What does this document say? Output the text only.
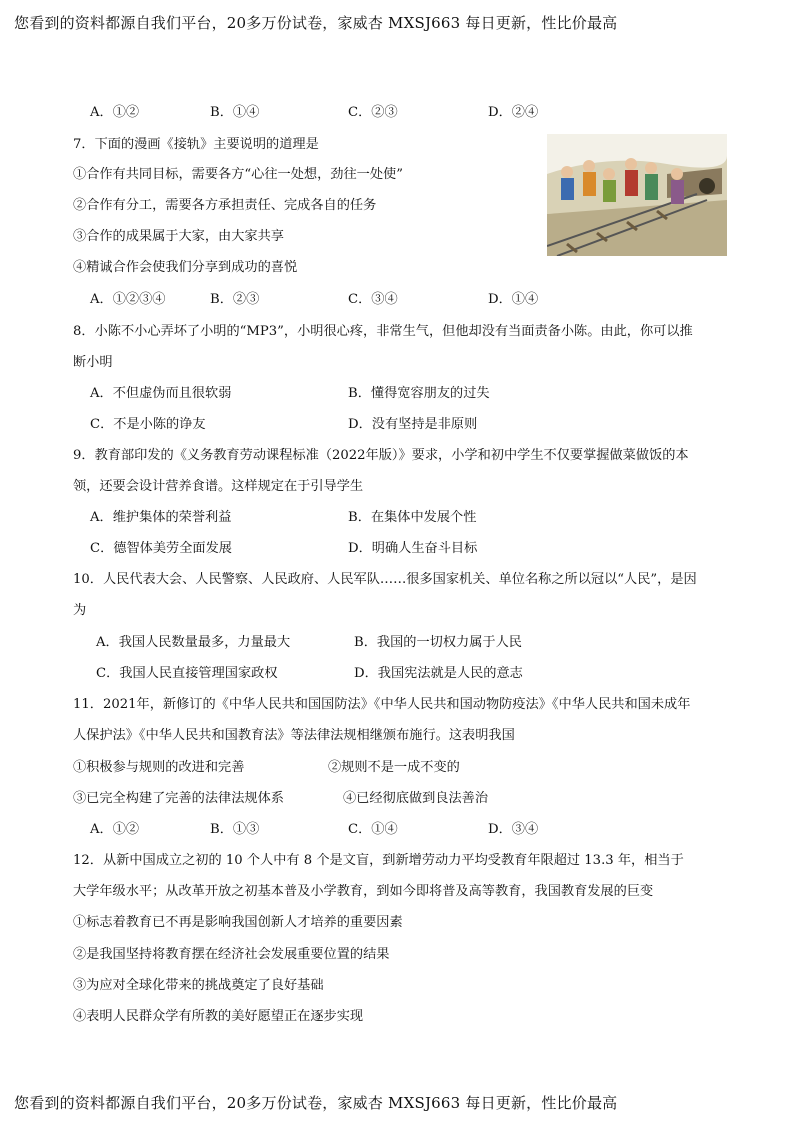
您看到的资料都源自我们平台，20多万份试卷，家威杏 MXSJ663 每日更新，性比价最高
A．①②	B．①④	C．②③	D．②④
7．下面的漫画《接轨》主要说明的道理是
①合作有共同目标，需要各方“心往一处想，劲往一处使”
②合作有分工，需要各方承担责任、完成各自的任务
③合作的成果属于大家，由大家共享
④精诚合作会使我们分享到成功的喜悦
A．①②③④	B．②③	C．③④	D．①④
8．小陈不小心弄坏了小明的“MP3”，小明很心疼，非常生气，但他却没有当面责备小陈。由此，你可以推
断小明
A．不但虚伪而且很软弱	B．懂得宽容朋友的过失
C．不是小陈的诤友	D．没有坚持是非原则
9．教育部印发的《义务教育劳动课程标准（2022年版）》要求，小学和初中学生不仅要掌握做菜做饭的本
领，还要会设计营养食谱。这样规定在于引导学生
A．维护集体的荣誉利益	B．在集体中发展个性
C．德智体美劳全面发展	D．明确人生奋斗目标
10．人民代表大会、人民警察、人民政府、人民军队……很多国家机关、单位名称之所以冠以“人民”，是因
为
A．我国人民数量最多，力量最大	B．我国的一切权力属于人民
C．我国人民直接管理国家政权	D．我国宪法就是人民的意志
11．2021年，新修订的《中华人民共和国国防法》《中华人民共和国动物防疫法》《中华人民共和国未成年
人保护法》《中华人民共和国教育法》等法律法规相继颁布施行。这表明我国
①积极参与规则的改进和完善	②规则不是一成不变的
③已完全构建了完善的法律法规体系	④已经彻底做到良法善治
A．①②	B．①③	C．①④	D．③④
12．从新中国成立之初的 10 个人中有 8 个是文盲，到新增劳动力平均受教育年限超过 13.3 年，相当于
大学年级水平；从改革开放之初基本普及小学教育，到如今即将普及高等教育，我国教育发展的巨变
①标志着教育已不再是影响我国创新人才培养的重要因素
②是我国坚持将教育摆在经济社会发展重要位置的结果
③为应对全球化带来的挑战奠定了良好基础
④表明人民群众学有所教的美好愿望正在逐步实现
您看到的资料都源自我们平台，20多万份试卷，家威杏 MXSJ663 每日更新，性比价最高
